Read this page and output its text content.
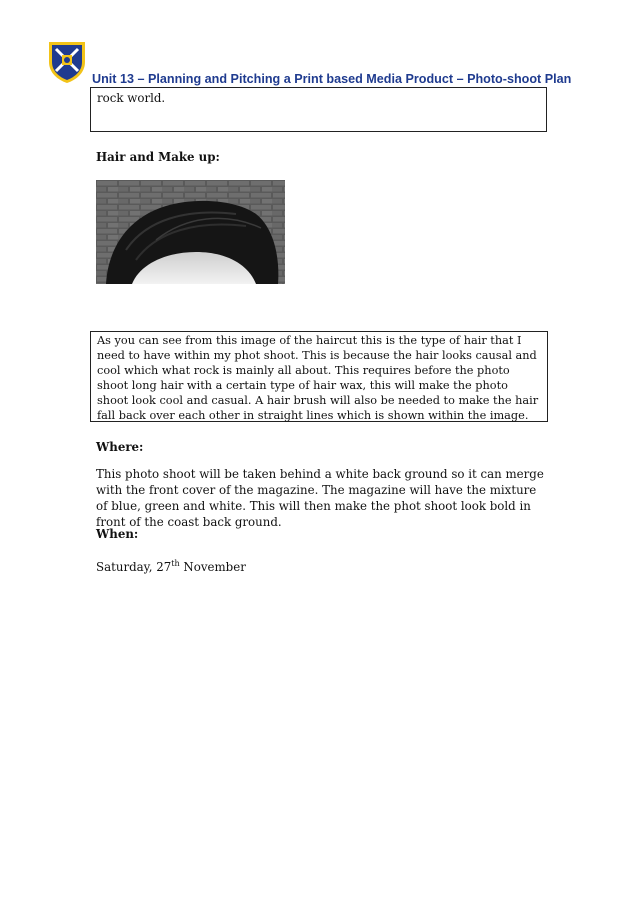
Unit 13 – Planning and Pitching a Print based Media Product – Photo-shoot Plan
rock world.
Hair and Make up:
As you can see from this image of the haircut this is the type of hair that I need to have within my phot shoot. This is because the hair looks causal and cool which what rock is mainly all about. This requires before the photo shoot long hair with a certain type of hair wax, this will make the photo shoot look cool and casual. A hair brush will also be needed to make the hair fall back over each other in straight lines which is shown within the image.
Where:
This photo shoot will be taken behind a white back ground so it can merge with the front cover of the magazine. The magazine will have the mixture of blue, green and white. This will then make the phot shoot look bold in front of the coast back ground.
When:
Saturday, 27th November
